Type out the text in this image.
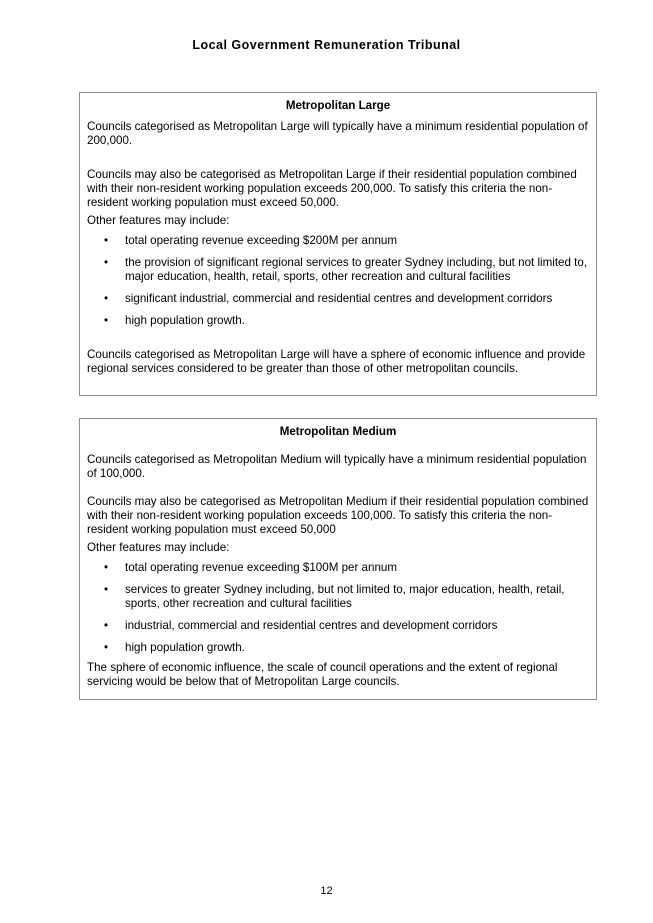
Local Government Remuneration Tribunal
Metropolitan Large

Councils categorised as Metropolitan Large will typically have a minimum residential population of 200,000.

Councils may also be categorised as Metropolitan Large if their residential population combined with their non-resident working population exceeds 200,000. To satisfy this criteria the non-resident working population must exceed 50,000.

Other features may include:

• total operating revenue exceeding $200M per annum
• the provision of significant regional services to greater Sydney including, but not limited to, major education, health, retail, sports, other recreation and cultural facilities
• significant industrial, commercial and residential centres and development corridors
• high population growth.

Councils categorised as Metropolitan Large will have a sphere of economic influence and provide regional services considered to be greater than those of other metropolitan councils.

Metropolitan Medium

Councils categorised as Metropolitan Medium will typically have a minimum residential population of 100,000.

Councils may also be categorised as Metropolitan Medium if their residential population combined with their non-resident working population exceeds 100,000. To satisfy this criteria the non-resident working population must exceed 50,000

Other features may include:

• total operating revenue exceeding $100M per annum
• services to greater Sydney including, but not limited to, major education, health, retail, sports, other recreation and cultural facilities
• industrial, commercial and residential centres and development corridors
• high population growth.

The sphere of economic influence, the scale of council operations and the extent of regional servicing would be below that of Metropolitan Large councils.

12
